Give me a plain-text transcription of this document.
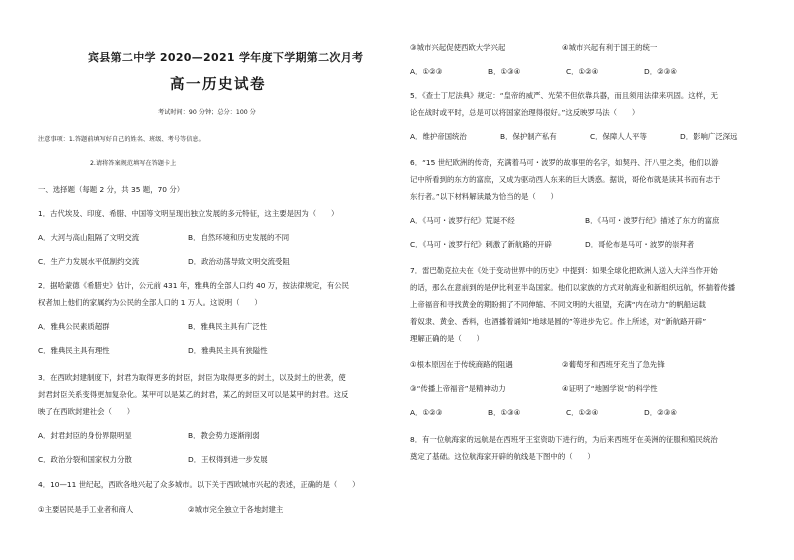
宾县第二中学 2020—2021 学年度下学期第二次月考
高一历史试卷
考试时间：90 分钟；总分：100 分
注意事项：1.答题前填写好自己的姓名、班级、考号等信息。
2.请将答案规范填写在答题卡上
一、选择题（每题 2 分，共 35 题，70 分）
1．古代埃及、印度、希腊、中国等文明呈现出独立发展的多元特征，这主要是因为（　　）
A．大河与高山阻隔了文明交流	B．自然环境和历史发展的不同
C．生产力发展水平低制约交流	D．政治动荡导致文明交流受阻
2．据哈蒙德《希腊史》估计，公元前 431 年，雅典的全部人口约 40 万，按法律规定，有公民
权者加上他们的家属约为公民的全部人口的 1 万人。这说明（　　）
A．雅典公民素质超群	B．雅典民主具有广泛性
C．雅典民主具有理性	D．雅典民主具有狭隘性
3．在西欧封建制度下，封君为取得更多的封臣，封臣为取得更多的封土，以及封土的世袭，使
封君封臣关系变得更加复杂化。某甲可以是某乙的封君，某乙的封臣又可以是某甲的封君。这反
映了在西欧封建社会（　　）
A．封君封臣的身份界限明显	B．教会势力逐渐削弱
C．政治分裂和国家权力分散	D．王权得到进一步发展
4．10—11 世纪起，西欧各地兴起了众多城市。以下关于西欧城市兴起的表述，正确的是（　　）
①主要居民是手工业者和商人	②城市完全独立于各地封建主
③城市兴起促使西欧大学兴起	④城市兴起有利于国王的统一
A．①②③	B．①③④	C．①②④	D．②③④
5．《查士丁尼法典》规定：“皇帝的威严、光荣不但依靠兵器，而且须用法律来巩固。这样，无
论在战时或平时，总是可以将国家治理得很好。”这反映罗马法（　　）
A．维护帝国统治	B．保护制产私有	C．保障人人平等	D．影响广泛深远
6．“15 世纪欧洲的传奇，充满着马可・波罗的故事里的名字，如契丹、汗八里之类，他们以游
记中所看到的东方的富庶，又成为驱动西人东来的巨大诱惑。据说，哥伦布就是读其书而有志于
东行者。”以下材料解读最为恰当的是（　　）
A．《马可・波罗行纪》荒诞不经	B．《马可・波罗行纪》描述了东方的富庶
C．《马可・波罗行纪》刺激了新航路的开辟	D．哥伦布是马可・波罗的崇拜者
7．雷巴勒克拉夫在《处于变动世界中的历史》中提到：如果全球化把欧洲人送入大洋当作开始
的话，那么在意前到的是伊比利亚半岛国家。他们以家族的方式对航海业和新组织远航，怀揣着传播
上帝福音和寻找黄金的期盼拥了不同伸缩、不同文明的大祖望，充满“内在动力”的帆船运载
着奴隶、黄金、香料，也酒播着诵知“地球是圆的”等进步先它。作上所述，对“新航路开辟”
理解正确的是（　　）
①根本原因在于传统商路的阻遇	②葡萄牙和西班牙充当了急先锋
③“传播上帝福音”是精神动力	④证明了“地圆学说”的科学性
A．①②③	B．①③④	C．①②④	D．②③④
8．有一位航海家的远航是在西班牙王室资助下进行的，为后来西班牙在美洲的征服和殖民统治
奠定了基础。这位航海家开辟的航线是下图中的（　　）
